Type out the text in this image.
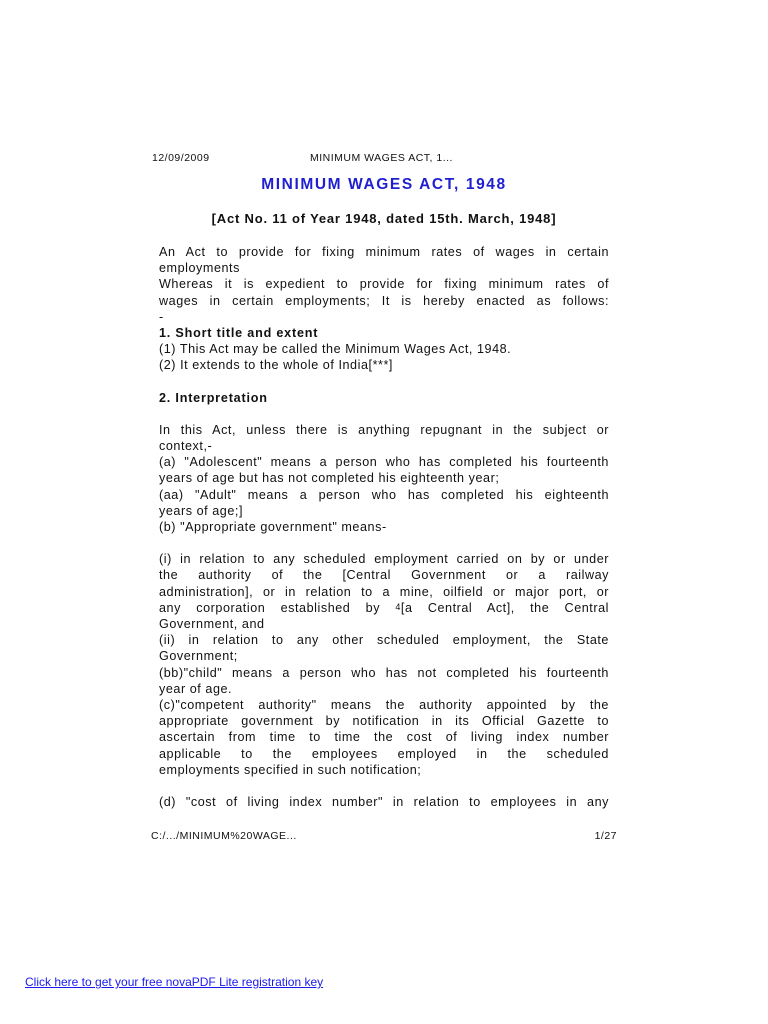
12/09/2009	MINIMUM WAGES ACT, 1...
MINIMUM WAGES ACT, 1948
[Act No. 11 of Year 1948, dated 15th. March, 1948]

An Act to provide for fixing minimum rates of wages in certain

employments

Whereas it is expedient to provide for fixing minimum rates of

wages in certain employments; It is hereby enacted as follows:

-

1. Short title and extent

(1) This Act may be called the Minimum Wages Act, 1948.

(2) It extends to the whole of India[***]

2. Interpretation

In this Act, unless there is anything repugnant in the subject or

context,-

(a) "Adolescent" means a person who has completed his fourteenth

years of age but has not completed his eighteenth year;

(aa) "Adult" means a person who has completed his eighteenth

years of age;]

(b) "Appropriate government" means-

(i) in relation to any scheduled employment carried on by or under

the authority of the [Central Government or a railway

administration], or in relation to a mine, oilfield or major port, or

any corporation established by $^4$[a Central Act], the Central

Government, and

(ii) in relation to any other scheduled employment, the State

Government;

(bb)"child" means a person who has not completed his fourteenth

year of age.

(c)"competent authority" means the authority appointed by the

appropriate government by notification in its Official Gazette to

ascertain from time to time the cost of living index number

applicable to the employees employed in the scheduled

employments specified in such notification;

(d) "cost of living index number" in relation to employees in any

C:/.../MINIMUM%20WAGE...	1/27
Click here to get your free novaPDF Lite registration key
